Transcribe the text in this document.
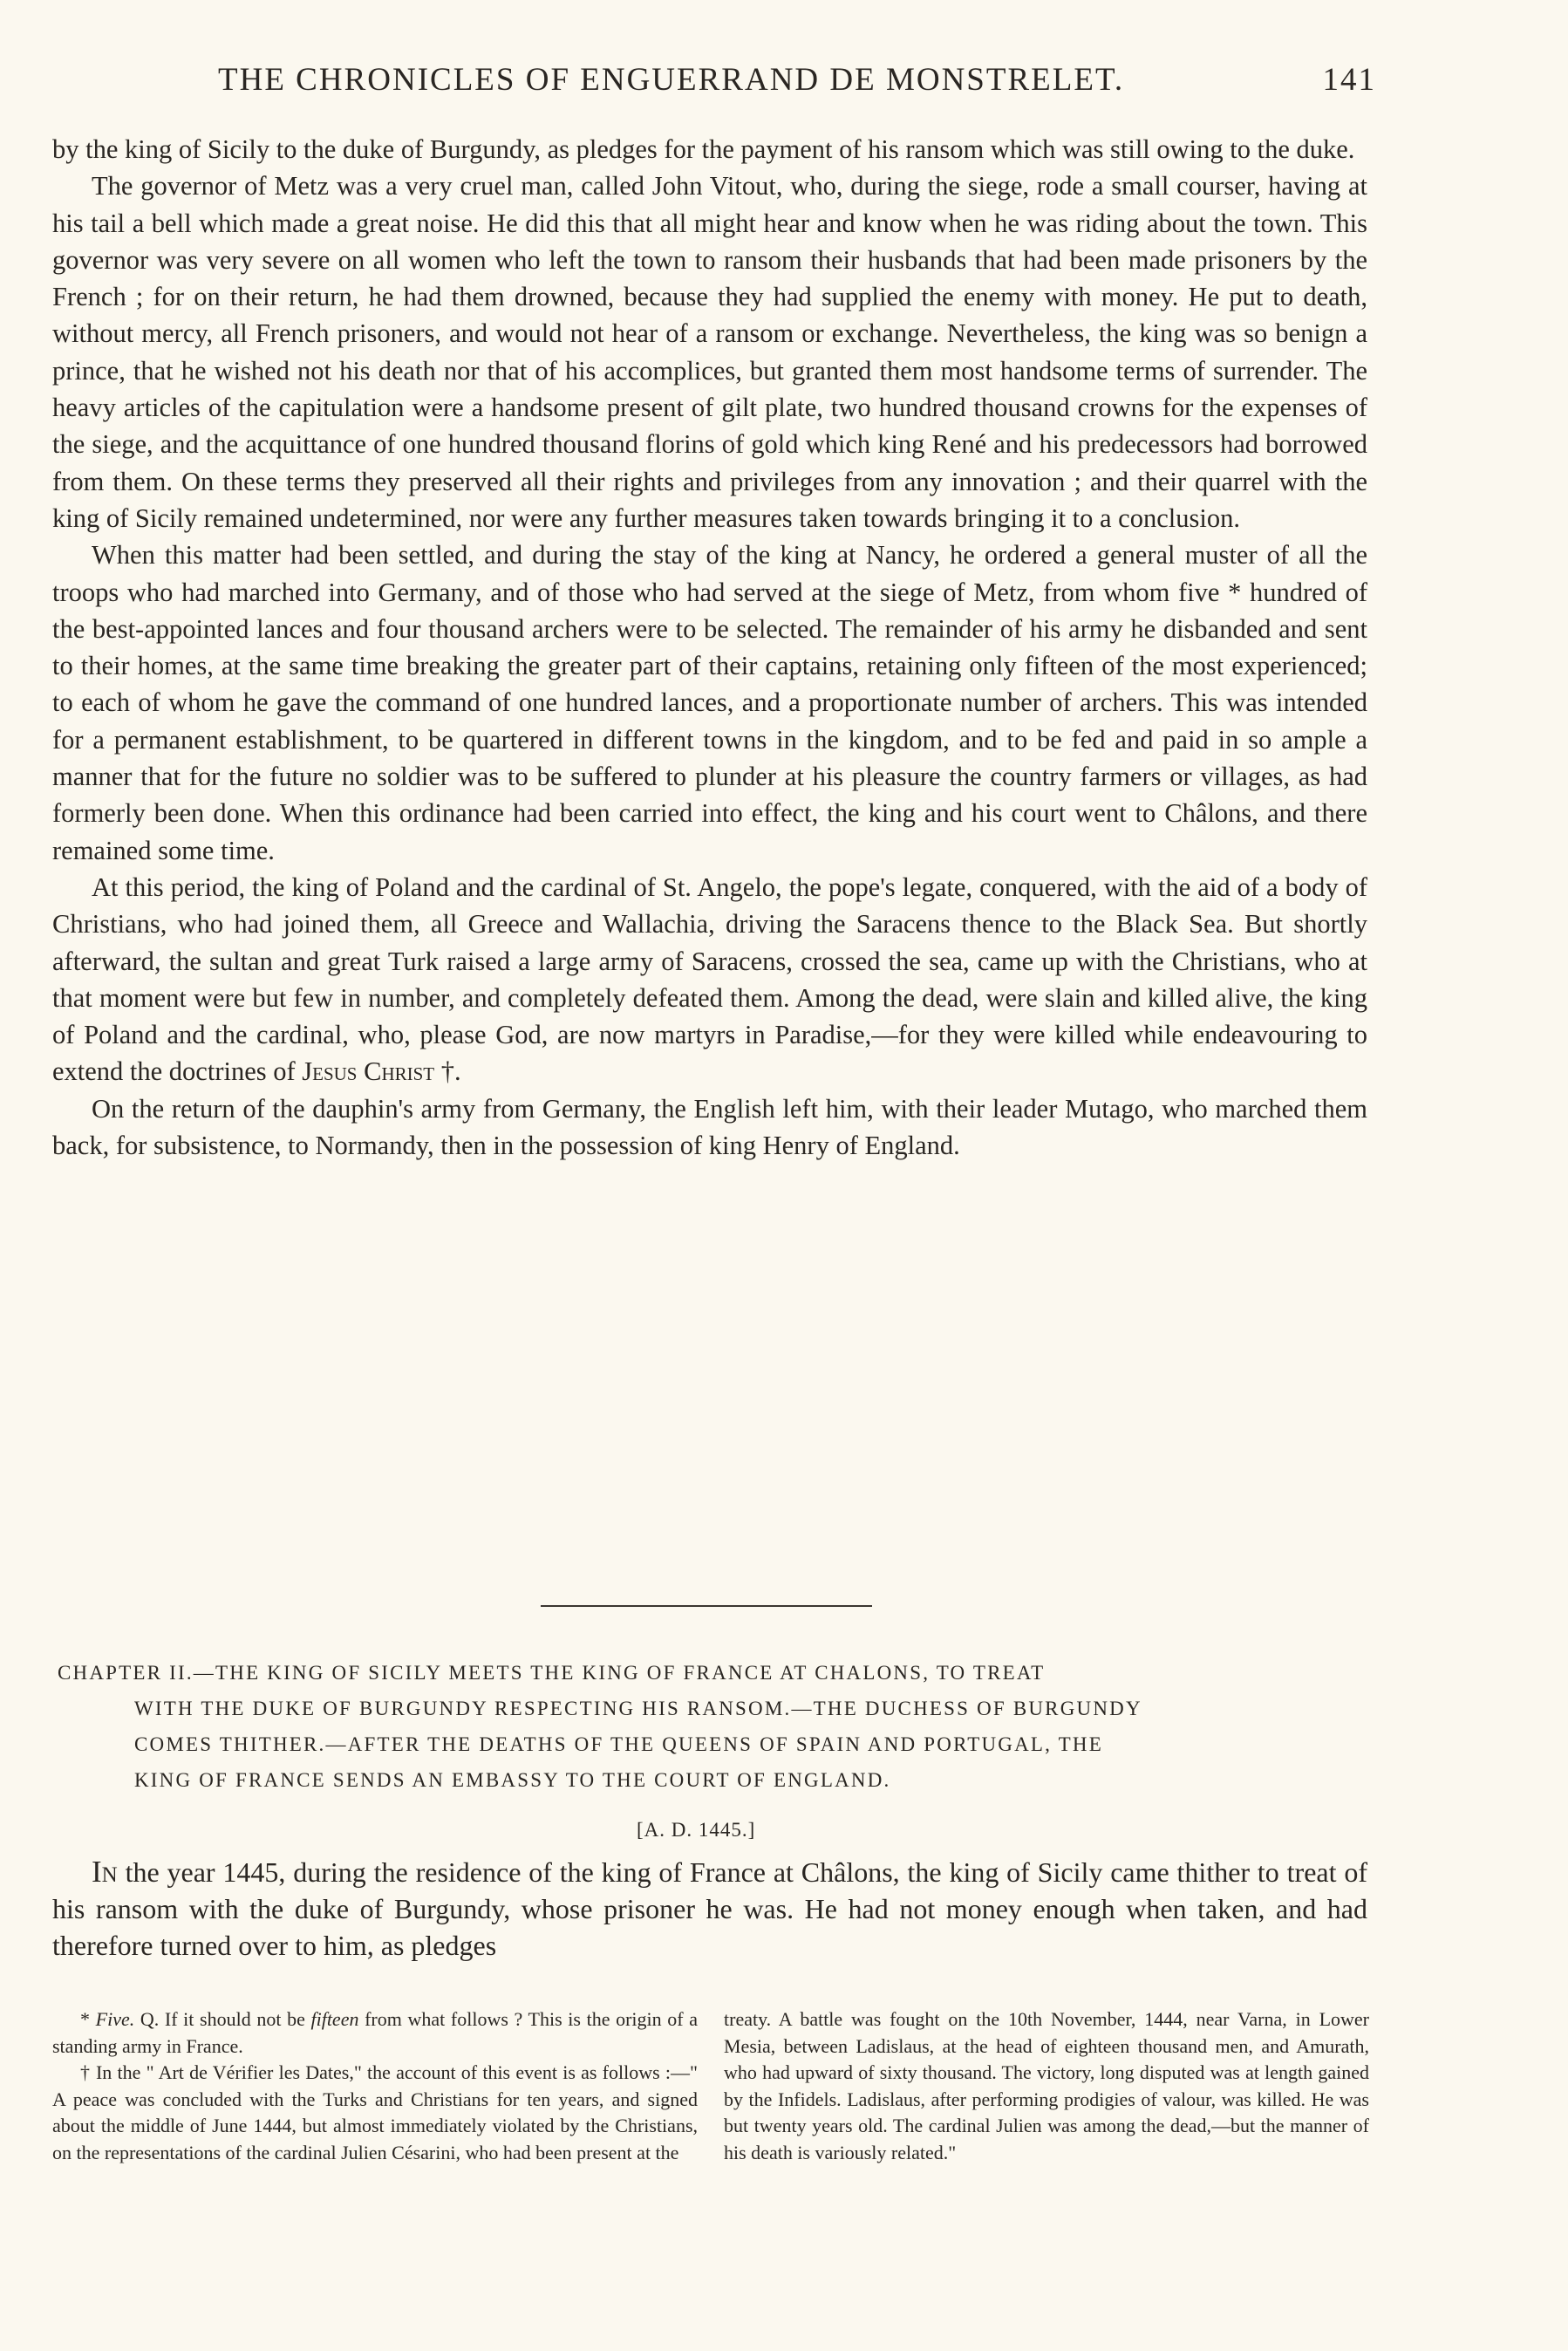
THE CHRONICLES OF ENGUERRAND DE MONSTRELET.	141

by the king of Sicily to the duke of Burgundy, as pledges for the payment of his ransom which was still owing to the duke.

The governor of Metz was a very cruel man, called John Vitout, who, during the siege, rode a small courser, having at his tail a bell which made a great noise. He did this that all might hear and know when he was riding about the town. This governor was very severe on all women who left the town to ransom their husbands that had been made prisoners by the French ; for on their return, he had them drowned, because they had supplied the enemy with money. He put to death, without mercy, all French prisoners, and would not hear of a ransom or exchange. Nevertheless, the king was so benign a prince, that he wished not his death nor that of his accomplices, but granted them most handsome terms of surrender. The heavy articles of the capitulation were a handsome present of gilt plate, two hundred thousand crowns for the expenses of the siege, and the acquittance of one hundred thousand florins of gold which king René and his predecessors had borrowed from them. On these terms they preserved all their rights and privileges from any innovation ; and their quarrel with the king of Sicily remained undetermined, nor were any further measures taken towards bringing it to a conclusion.

When this matter had been settled, and during the stay of the king at Nancy, he ordered a general muster of all the troops who had marched into Germany, and of those who had served at the siege of Metz, from whom five * hundred of the best-appointed lances and four thousand archers were to be selected. The remainder of his army he disbanded and sent to their homes, at the same time breaking the greater part of their captains, retaining only fifteen of the most experienced; to each of whom he gave the command of one hundred lances, and a proportionate number of archers. This was intended for a permanent establishment, to be quartered in different towns in the kingdom, and to be fed and paid in so ample a manner that for the future no soldier was to be suffered to plunder at his pleasure the country farmers or villages, as had formerly been done. When this ordinance had been carried into effect, the king and his court went to Châlons, and there remained some time.

At this period, the king of Poland and the cardinal of St. Angelo, the pope's legate, conquered, with the aid of a body of Christians, who had joined them, all Greece and Wallachia, driving the Saracens thence to the Black Sea. But shortly afterward, the sultan and great Turk raised a large army of Saracens, crossed the sea, came up with the Christians, who at that moment were but few in number, and completely defeated them. Among the dead, were slain and killed alive, the king of Poland and the cardinal, who, please God, are now martyrs in Paradise,—for they were killed while endeavouring to extend the doctrines of Jesus Christ †.

On the return of the dauphin's army from Germany, the English left him, with their leader Mutago, who marched them back, for subsistence, to Normandy, then in the possession of king Henry of England.

CHAPTER II.—THE KING OF SICILY MEETS THE KING OF FRANCE AT CHALONS, TO TREAT
WITH THE DUKE OF BURGUNDY RESPECTING HIS RANSOM.—THE DUCHESS OF BURGUNDY
COMES THITHER.—AFTER THE DEATHS OF THE QUEENS OF SPAIN AND PORTUGAL, THE
KING OF FRANCE SENDS AN EMBASSY TO THE COURT OF ENGLAND.
[A. D. 1445.]

In the year 1445, during the residence of the king of France at Châlons, the king of Sicily came thither to treat of his ransom with the duke of Burgundy, whose prisoner he was. He had not money enough when taken, and had therefore turned over to him, as pledges

* Five. Q. If it should not be fifteen from what follows ? This is the origin of a standing army in France.

† In the " Art de Vérifier les Dates," the account of this event is as follows :—" A peace was concluded with the Turks and Christians for ten years, and signed about the middle of June 1444, but almost immediately violated by the Christians, on the representations of the cardinal Julien Césarini, who had been present at the

treaty. A battle was fought on the 10th November, 1444, near Varna, in Lower Mesia, between Ladislaus, at the head of eighteen thousand men, and Amurath, who had upward of sixty thousand. The victory, long disputed was at length gained by the Infidels. Ladislaus, after performing prodigies of valour, was killed. He was but twenty years old. The cardinal Julien was among the dead,—but the manner of his death is variously related."
